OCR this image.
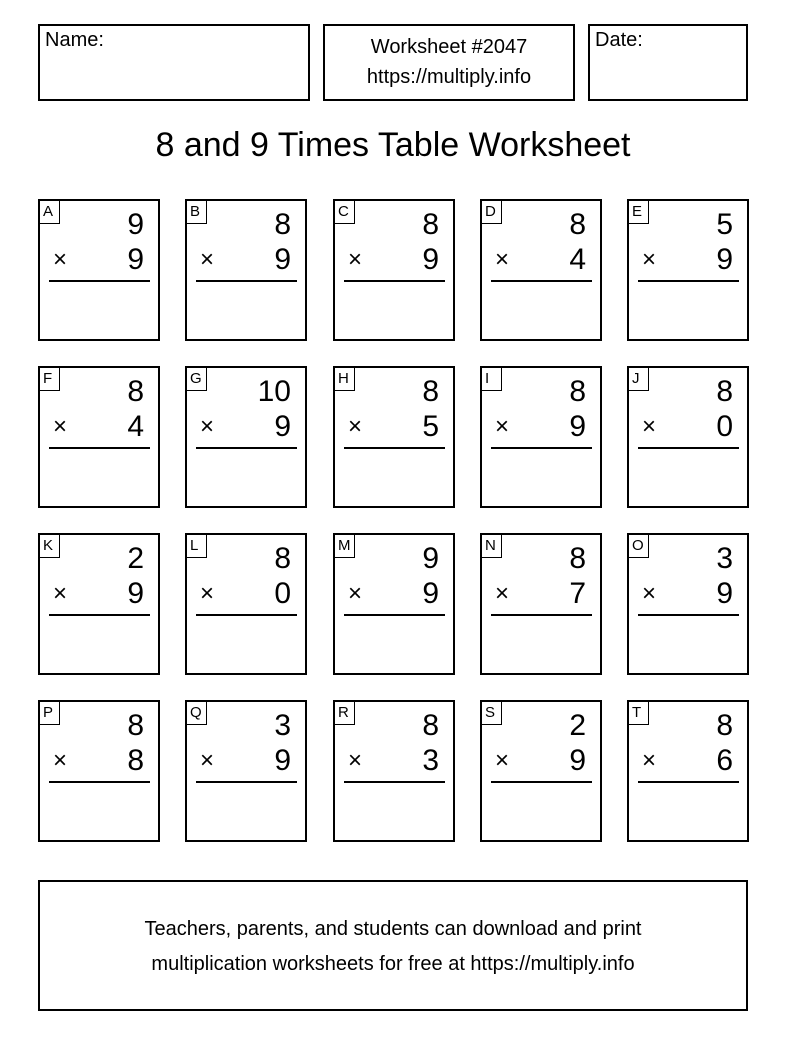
Name:	Worksheet #2047
https://multiply.info
Date:
8 and 9 Times Table Worksheet
A 9
× 9
B 8
× 9
C 8
× 9
D 8
× 4
E 5
× 9
F	8
× 4
G 10
× 9
H 8
× 5
I	8
× 9
J	8
× 0
K 2
× 9
L	8
× 0
M 9
× 9
N 8
× 7
O 3
× 9
P 8
× 8
Q 3
× 9
R 8
× 3
S 2
× 9
T	8
× 6
Teachers, parents, and students can download and print
multiplication worksheets for free at https://multiply.info
